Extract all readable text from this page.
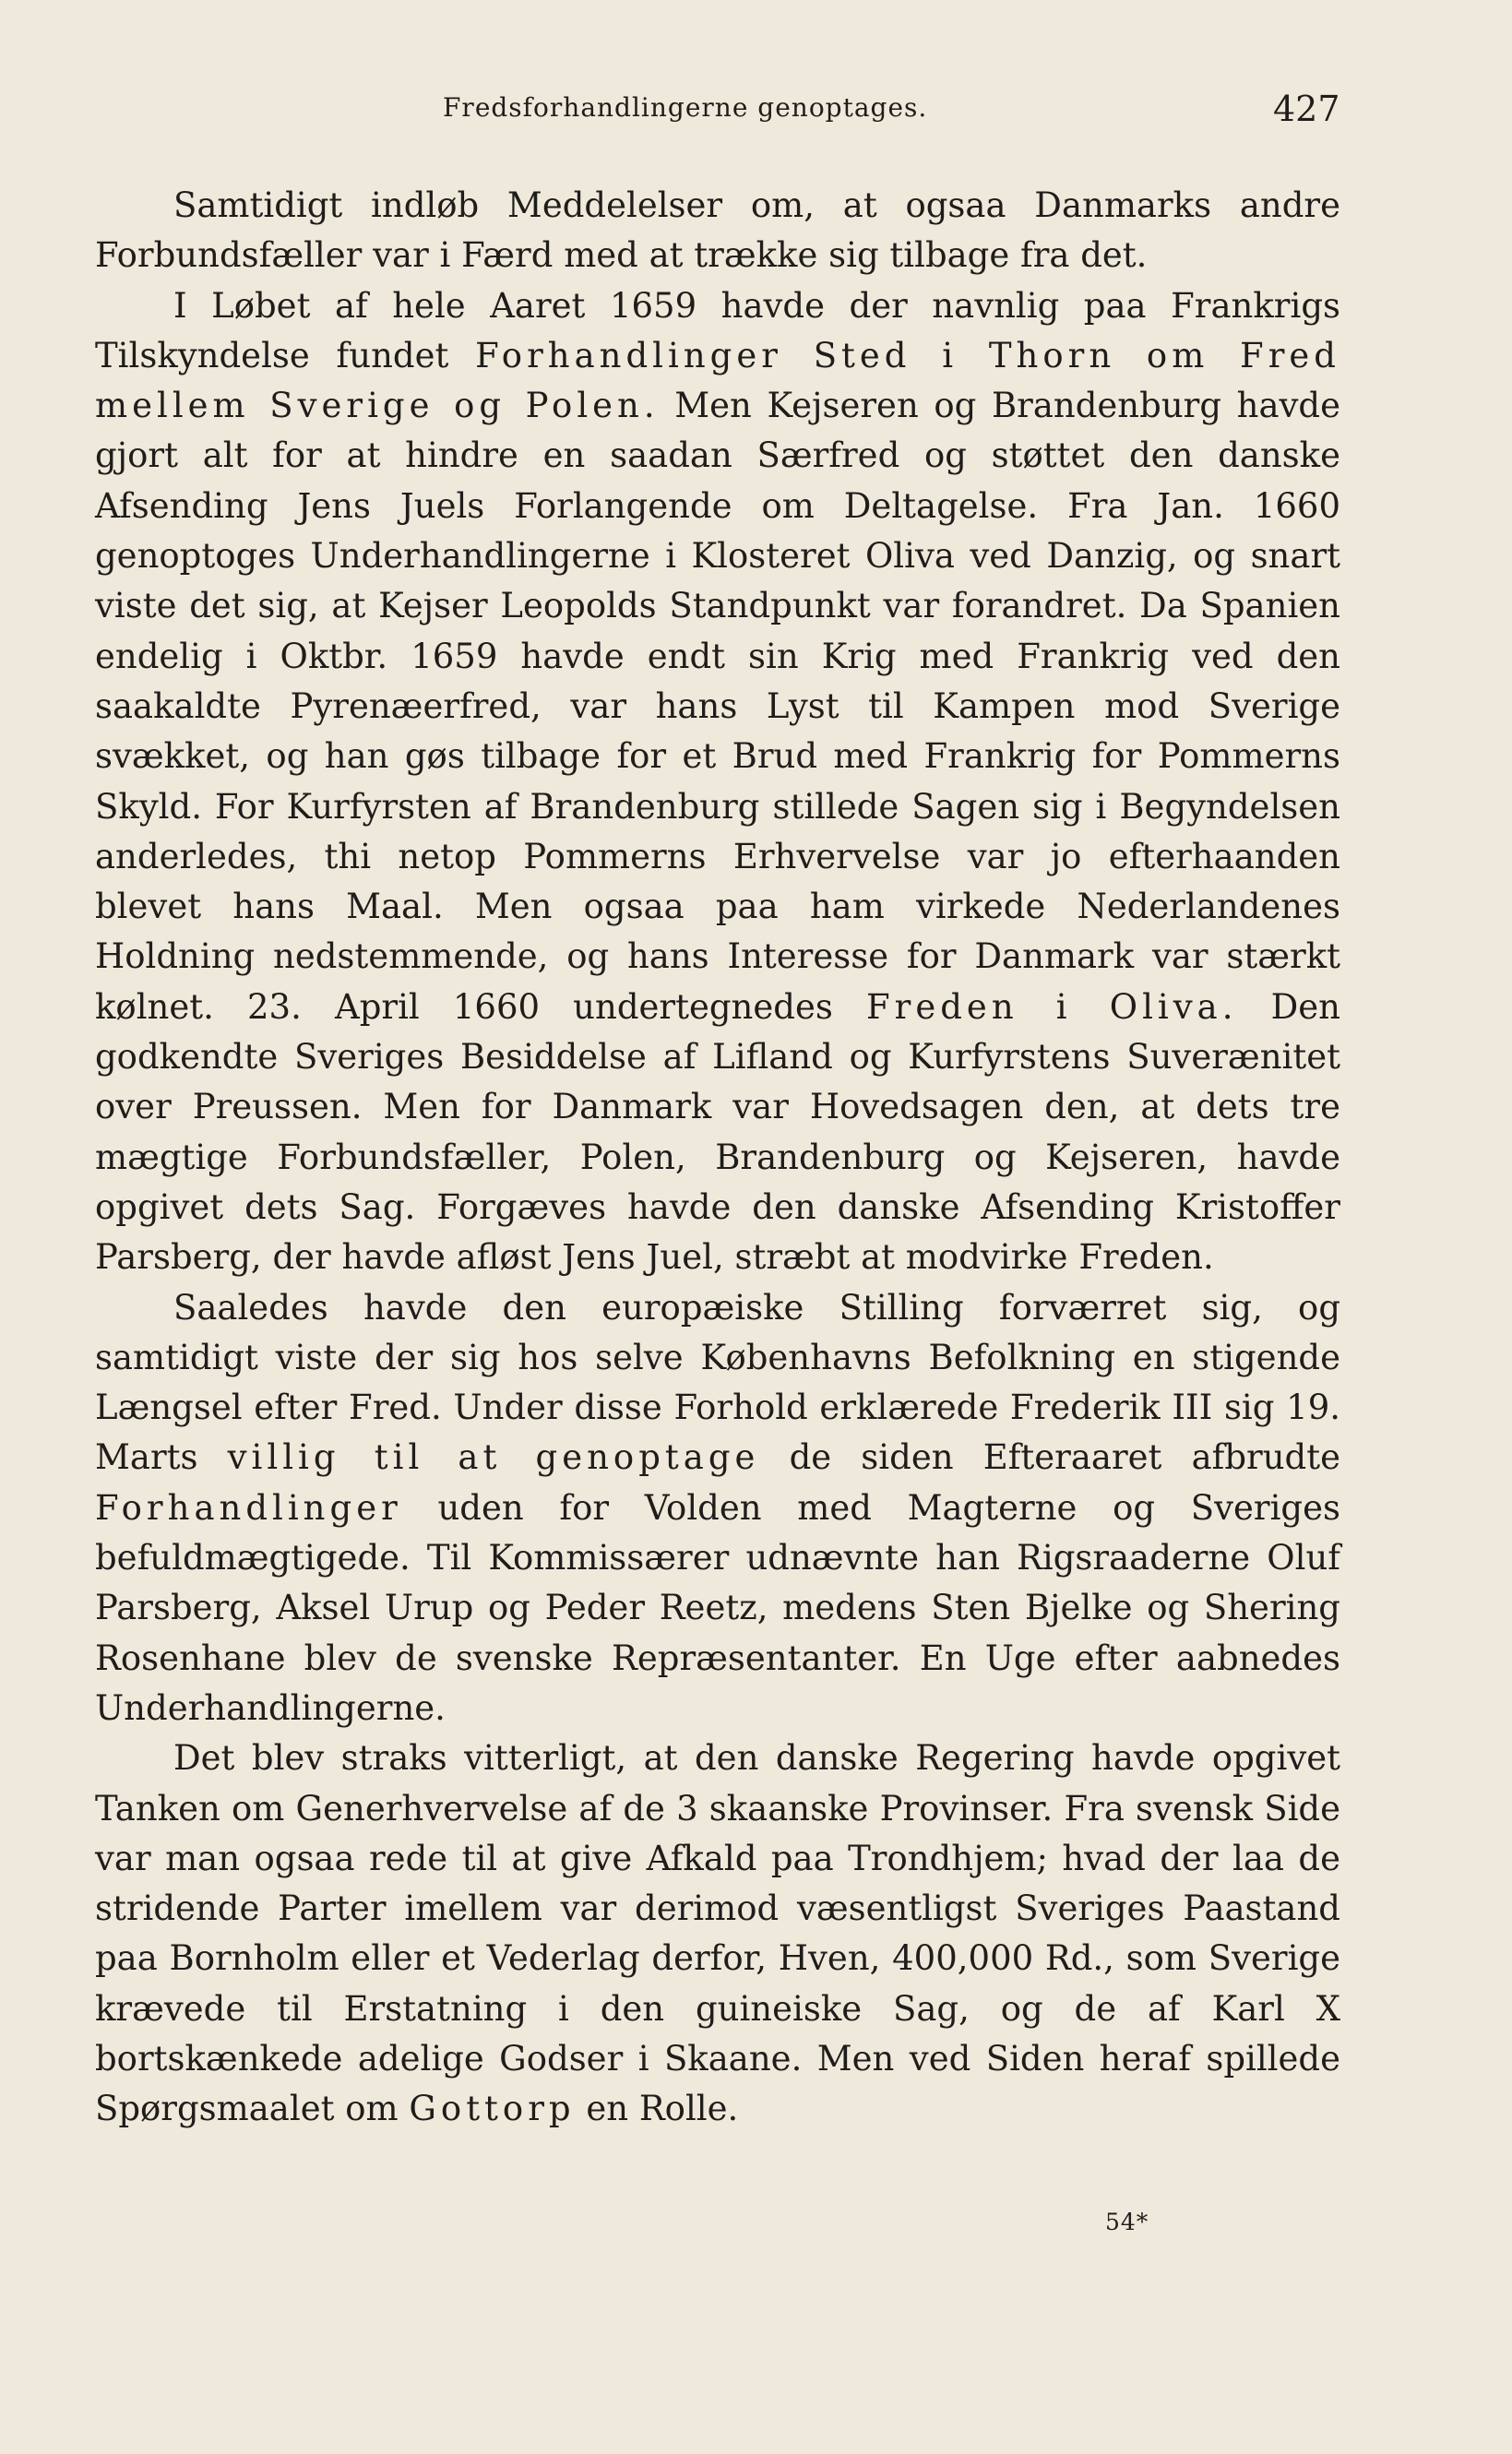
Fredsforhandlingerne genoptages.	427

Samtidigt indløb Meddelelser om, at ogsaa Danmarks andre Forbundsfæller var i Færd med at trække sig tilbage fra det.

I Løbet af hele Aaret 1659 havde der navnlig paa Frankrigs Tilskyndelse fundet Forhandlinger Sted i Thorn om Fred mellem Sverige og Polen. Men Kejseren og Brandenburg havde gjort alt for at hindre en saadan Særfred og støttet den danske Afsending Jens Juels Forlangende om Deltagelse. Fra Jan. 1660 genoptoges Underhandlingerne i Klosteret Oliva ved Danzig, og snart viste det sig, at Kejser Leopolds Standpunkt var forandret. Da Spanien endelig i Oktbr. 1659 havde endt sin Krig med Frankrig ved den saakaldte Pyrenæerfred, var hans Lyst til Kampen mod Sverige svækket, og han gøs tilbage for et Brud med Frankrig for Pommerns Skyld. For Kurfyrsten af Brandenburg stillede Sagen sig i Begyndelsen anderledes, thi netop Pommerns Erhvervelse var jo efterhaanden blevet hans Maal. Men ogsaa paa ham virkede Nederlandenes Holdning nedstemmende, og hans Interesse for Danmark var stærkt kølnet. 23. April 1660 undertegnedes Freden i Oliva. Den godkendte Sveriges Besiddelse af Lifland og Kurfyrstens Suverænitet over Preussen. Men for Danmark var Hovedsagen den, at dets tre mægtige Forbundsfæller, Polen, Brandenburg og Kejseren, havde opgivet dets Sag. Forgæves havde den danske Afsending Kristoffer Parsberg, der havde afløst Jens Juel, stræbt at modvirke Freden.

Saaledes havde den europæiske Stilling forværret sig, og samtidigt viste der sig hos selve Københavns Befolkning en stigende Længsel efter Fred. Under disse Forhold erklærede Frederik III sig 19. Marts villig til at genoptage de siden Efteraaret afbrudte Forhandlinger uden for Volden med Magterne og Sveriges befuldmægtigede. Til Kommissærer udnævnte han Rigsraaderne Oluf Parsberg, Aksel Urup og Peder Reetz, medens Sten Bjelke og Shering Rosenhane blev de svenske Repræsentanter. En Uge efter aabnedes Underhandlingerne.

Det blev straks vitterligt, at den danske Regering havde opgivet Tanken om Generhvervelse af de 3 skaanske Provinser. Fra svensk Side var man ogsaa rede til at give Afkald paa Trondhjem; hvad der laa de stridende Parter imellem var derimod væsentligst Sveriges Paastand paa Bornholm eller et Vederlag derfor, Hven, 400,000 Rd., som Sverige krævede til Erstatning i den guineiske Sag, og de af Karl X bortskænkede adelige Godser i Skaane. Men ved Siden heraf spillede Spørgsmaalet om Gottorp en Rolle.

54*
